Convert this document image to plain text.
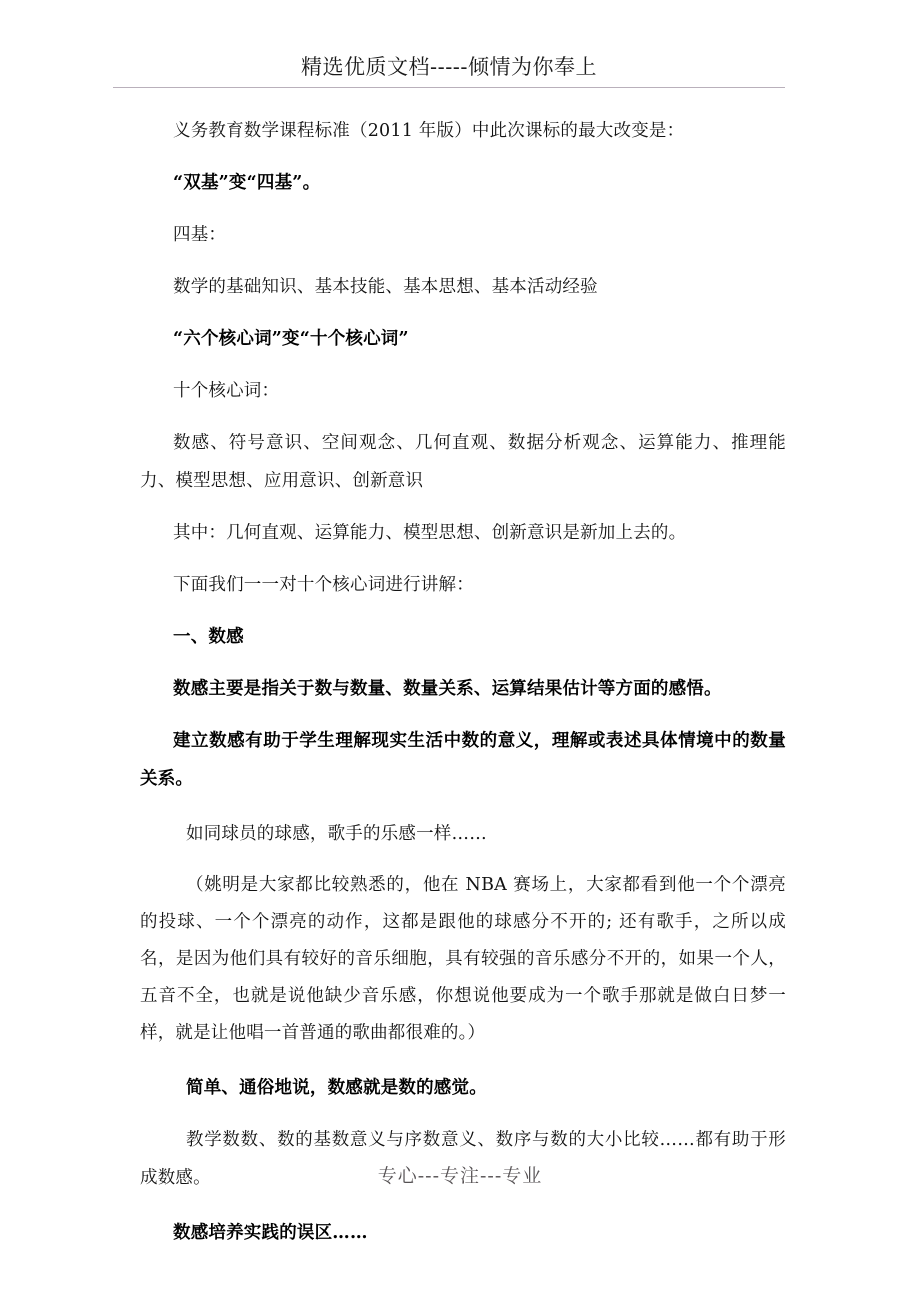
精选优质文档-----倾情为你奉上

义务教育数学课程标准（2011 年版）中此次课标的最大改变是：

“双基”变“四基”。

四基：

数学的基础知识、基本技能、基本思想、基本活动经验

“六个核心词”变“十个核心词”

十个核心词：

数感、符号意识、空间观念、几何直观、数据分析观念、运算能力、推理能力、模型思想、应用意识、创新意识

其中：几何直观、运算能力、模型思想、创新意识是新加上去的。

下面我们一一对十个核心词进行讲解：

一、数感

数感主要是指关于数与数量、数量关系、运算结果估计等方面的感悟。

建立数感有助于学生理解现实生活中数的意义，理解或表述具体情境中的数量关系。

如同球员的球感，歌手的乐感一样……

（姚明是大家都比较熟悉的，他在 NBA 赛场上，大家都看到他一个个漂亮的投球、一个个漂亮的动作，这都是跟他的球感分不开的; 还有歌手，之所以成名，是因为他们具有较好的音乐细胞，具有较强的音乐感分不开的，如果一个人，五音不全，也就是说他缺少音乐感，你想说他要成为一个歌手那就是做白日梦一样，就是让他唱一首普通的歌曲都很难的。）

简单、通俗地说，数感就是数的感觉。

教学数数、数的基数意义与序数意义、数序与数的大小比较……都有助于形成数感。

数感培养实践的误区……

专心---专注---专业
